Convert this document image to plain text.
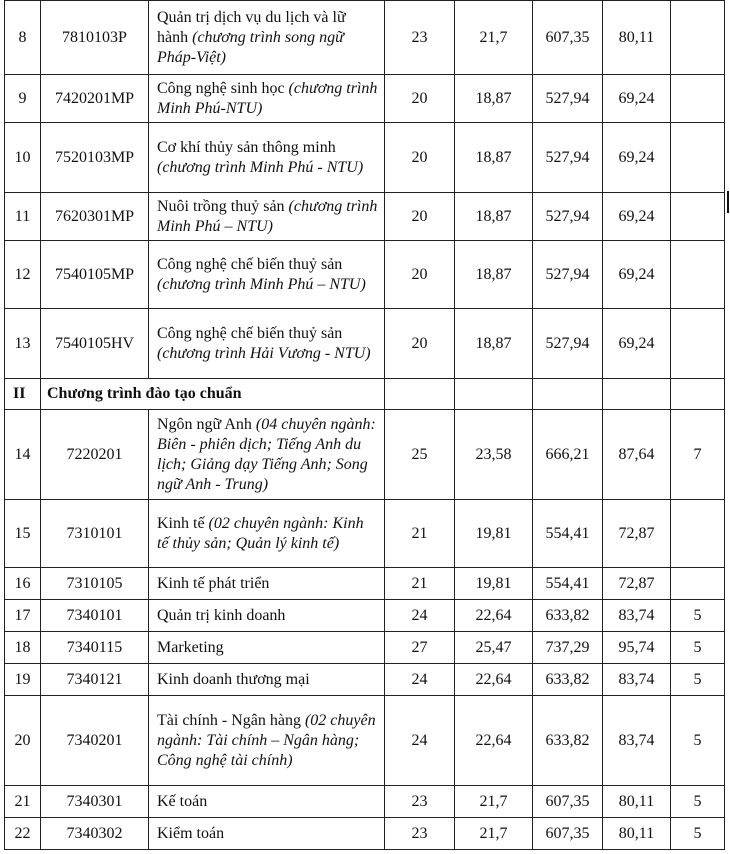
8	7810103P	Quản trị dịch vụ du lịch và lữ hành (chương trình song ngữ Pháp-Việt)	23	21,7	607,35	80,11	
9	7420201MP	Công nghệ sinh học (chương trình Minh Phú-NTU)	20	18,87	527,94	69,24	
10	7520103MP	Cơ khí thủy sản thông minh (chương trình Minh Phú - NTU)	20	18,87	527,94	69,24	
11	7620301MP	Nuôi trồng thuỷ sản (chương trình Minh Phú – NTU)	20	18,87	527,94	69,24	
12	7540105MP	Công nghệ chế biến thuỷ sản (chương trình Minh Phú – NTU)	20	18,87	527,94	69,24	
13	7540105HV	Công nghệ chế biến thuỷ sản (chương trình Hải Vương - NTU)	20	18,87	527,94	69,24	
II	Chương trình đào tạo chuẩn						
14	7220201	Ngôn ngữ Anh (04 chuyên ngành: Biên - phiên dịch; Tiếng Anh du lịch; Giảng dạy Tiếng Anh; Song ngữ Anh - Trung)	25	23,58	666,21	87,64	7
15	7310101	Kinh tế (02 chuyên ngành: Kinh tế thủy sản; Quản lý kinh tế)	21	19,81	554,41	72,87	
16	7310105	Kinh tế phát triển	21	19,81	554,41	72,87	
17	7340101	Quản trị kinh doanh	24	22,64	633,82	83,74	5
18	7340115	Marketing	27	25,47	737,29	95,74	5
19	7340121	Kinh doanh thương mại	24	22,64	633,82	83,74	5
20	7340201	Tài chính - Ngân hàng (02 chuyên ngành: Tài chính – Ngân hàng; Công nghệ tài chính)	24	22,64	633,82	83,74	5
21	7340301	Kế toán	23	21,7	607,35	80,11	5
22	7340302	Kiểm toán	23	21,7	607,35	80,11	5
